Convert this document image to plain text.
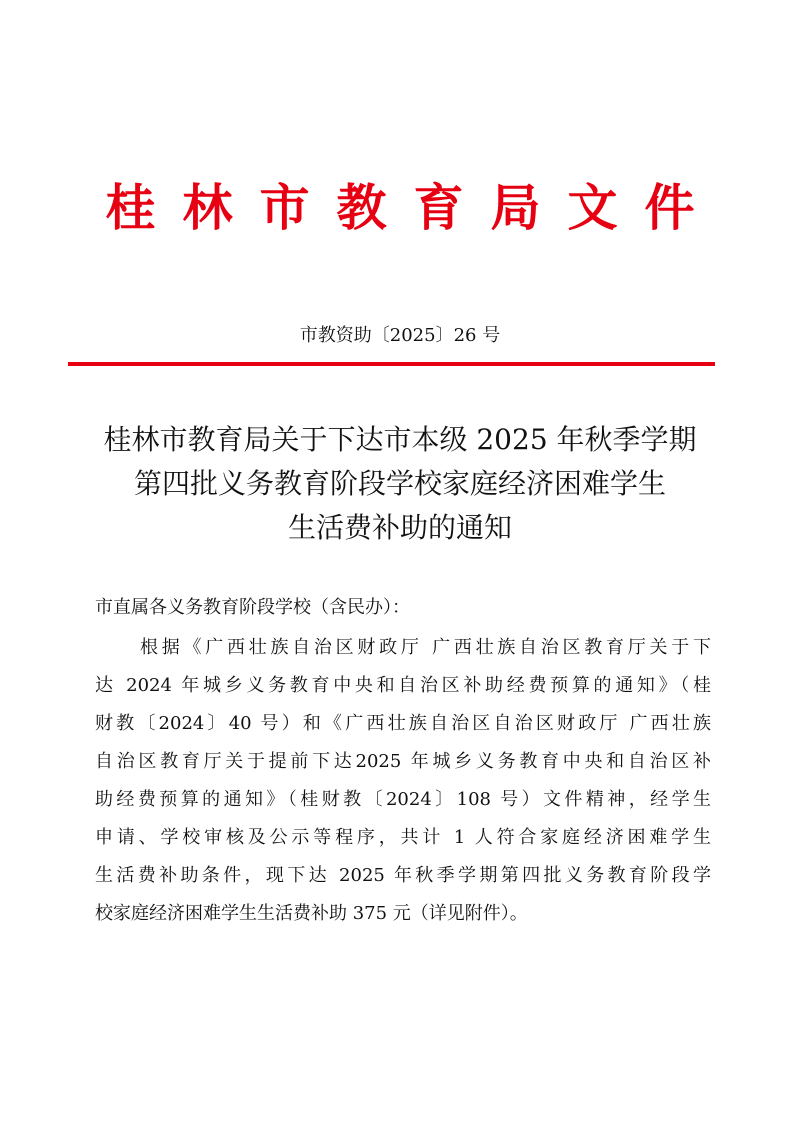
桂林市教育局文件
市教资助〔2025〕26 号
桂林市教育局关于下达市本级 2025 年秋季学期
第四批义务教育阶段学校家庭经济困难学生
生活费补助的通知
市直属各义务教育阶段学校（含民办）：
根据《广西壮族自治区财政厅 广西壮族自治区教育厅关于下
达 2024 年城乡义务教育中央和自治区补助经费预算的通知》（桂
财教〔2024〕40 号）和《广西壮族自治区自治区财政厅 广西壮族
自治区教育厅关于提前下达2025 年城乡义务教育中央和自治区补
助经费预算的通知》（桂财教〔2024〕108 号）文件精神，经学生
申请、学校审核及公示等程序，共计 1 人符合家庭经济困难学生
生活费补助条件，现下达 2025 年秋季学期第四批义务教育阶段学
校家庭经济困难学生生活费补助 375 元（详见附件）。
